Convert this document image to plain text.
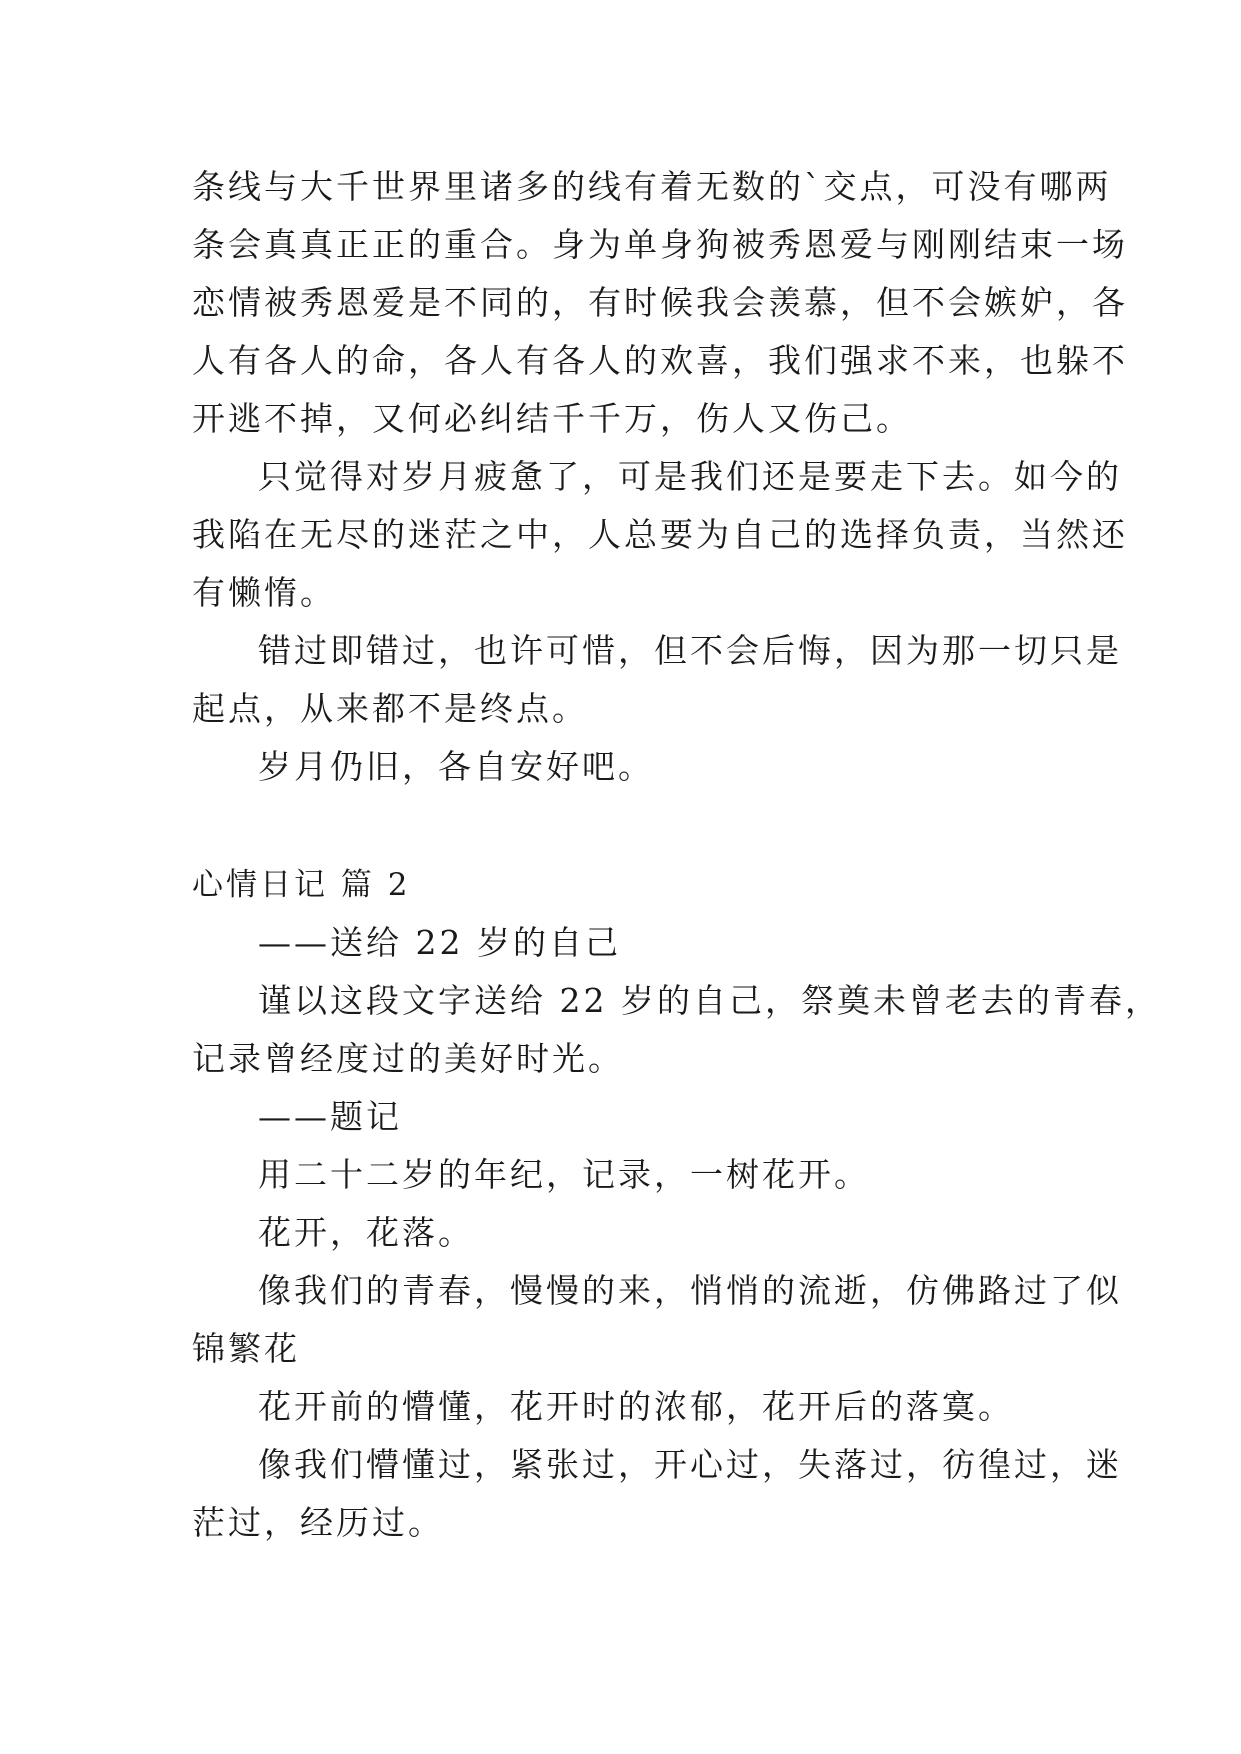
条线与大千世界里诸多的线有着无数的`交点，可没有哪两

条会真真正正的重合。身为单身狗被秀恩爱与刚刚结束一场

恋情被秀恩爱是不同的，有时候我会羡慕，但不会嫉妒，各

人有各人的命，各人有各人的欢喜，我们强求不来，也躲不

开逃不掉，又何必纠结千千万，伤人又伤己。

只觉得对岁月疲惫了，可是我们还是要走下去。如今的

我陷在无尽的迷茫之中，人总要为自己的选择负责，当然还

有懒惰。

错过即错过，也许可惜，但不会后悔，因为那一切只是

起点，从来都不是终点。

岁月仍旧，各自安好吧。

心情日记 篇 2

——送给 22 岁的自己

谨以这段文字送给 22 岁的自己，祭奠未曾老去的青春，

记录曾经度过的美好时光。

——题记

用二十二岁的年纪，记录，一树花开。

花开，花落。

像我们的青春，慢慢的来，悄悄的流逝，仿佛路过了似

锦繁花

花开前的懵懂，花开时的浓郁，花开后的落寞。

像我们懵懂过，紧张过，开心过，失落过，彷徨过，迷

茫过，经历过。
